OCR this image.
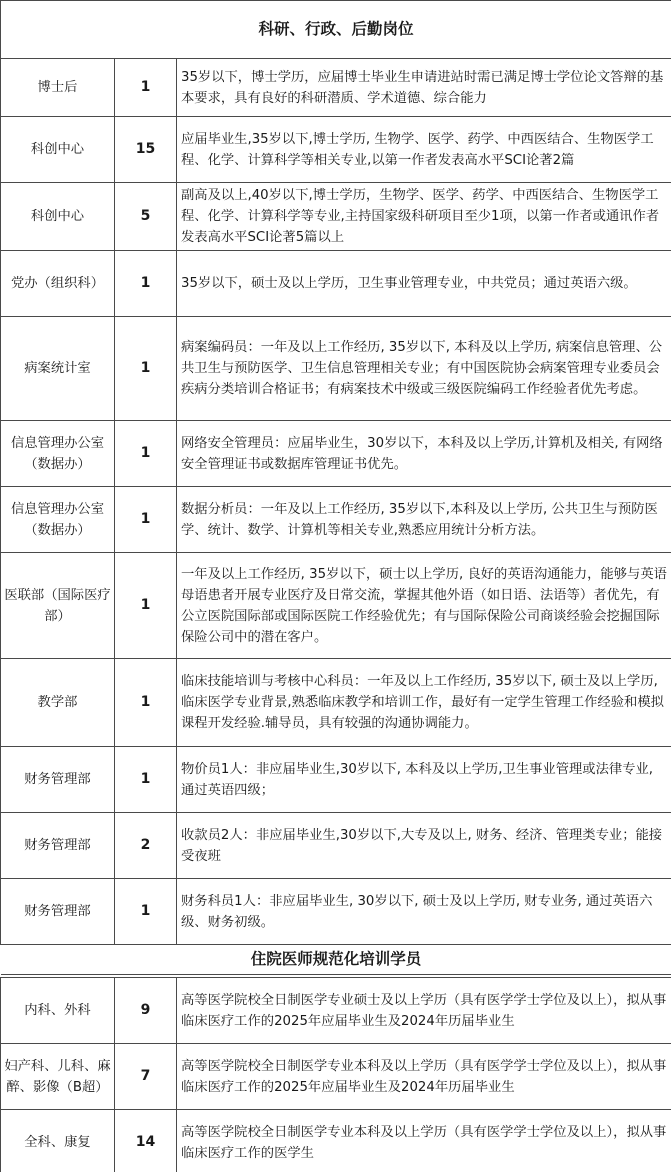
科研、行政、后勤岗位		
博士后	1	35岁以下，博士学历，应届博士毕业生申请进站时需已满足博士学位论文答辩的基本要求，具有良好的科研潜质、学术道德、综合能力
科创中心	15	应届毕业生,35岁以下,博士学历, 生物学、医学、药学、中西医结合、生物医学工程、化学、计算科学等相关专业,以第一作者发表高水平SCI论著2篇
科创中心	5	副高及以上,40岁以下,博士学历，生物学、医学、药学、中西医结合、生物医学工程、化学、计算科学等专业,主持国家级科研项目至少1项，以第一作者或通讯作者发表高水平SCI论著5篇以上
党办（组织科）	1	35岁以下，硕士及以上学历，卫生事业管理专业，中共党员；通过英语六级。
病案统计室	1	病案编码员：一年及以上工作经历, 35岁以下, 本科及以上学历, 病案信息管理、公共卫生与预防医学、卫生信息管理相关专业；有中国医院协会病案管理专业委员会疾病分类培训合格证书；有病案技术中级或三级医院编码工作经验者优先考虑。
信息管理办公室（数据办）	1	网络安全管理员：应届毕业生，30岁以下，本科及以上学历,计算机及相关, 有网络安全管理证书或数据库管理证书优先。
信息管理办公室（数据办）	1	数据分析员：一年及以上工作经历, 35岁以下,本科及以上学历, 公共卫生与预防医学、统计、数学、计算机等相关专业,熟悉应用统计分析方法。
医联部（国际医疗部）	1	一年及以上工作经历, 35岁以下，硕士以上学历, 良好的英语沟通能力，能够与英语母语患者开展专业医疗及日常交流，掌握其他外语（如日语、法语等）者优先，有公立医院国际部或国际医院工作经验优先；有与国际保险公司商谈经验会挖掘国际保险公司中的潜在客户。
教学部	1	临床技能培训与考核中心科员：一年及以上工作经历, 35岁以下, 硕士及以上学历, 临床医学专业背景,熟悉临床教学和培训工作，最好有一定学生管理工作经验和模拟课程开发经验.辅导员，具有较强的沟通协调能力。
财务管理部	1	物价员1人：非应届毕业生,30岁以下, 本科及以上学历,卫生事业管理或法律专业, 通过英语四级；
财务管理部	2	收款员2人：非应届毕业生,30岁以下,大专及以上, 财务、经济、管理类专业；能接受夜班
财务管理部	1	财务科员1人：非应届毕业生, 30岁以下, 硕士及以上学历, 财专业务, 通过英语六级、财务初级。
住院医师规范化培训学员		

内科、外科	9	高等医学院校全日制医学专业硕士及以上学历（具有医学学士学位及以上），拟从事临床医疗工作的2025年应届毕业生及2024年历届毕业生
妇产科、儿科、麻醉、影像（B超）	7	高等医学院校全日制医学专业本科及以上学历（具有医学学士学位及以上），拟从事临床医疗工作的2025年应届毕业生及2024年历届毕业生
全科、康复	14	高等医学院校全日制医学专业本科及以上学历（具有医学学士学位及以上），拟从事临床医疗工作的医学生
